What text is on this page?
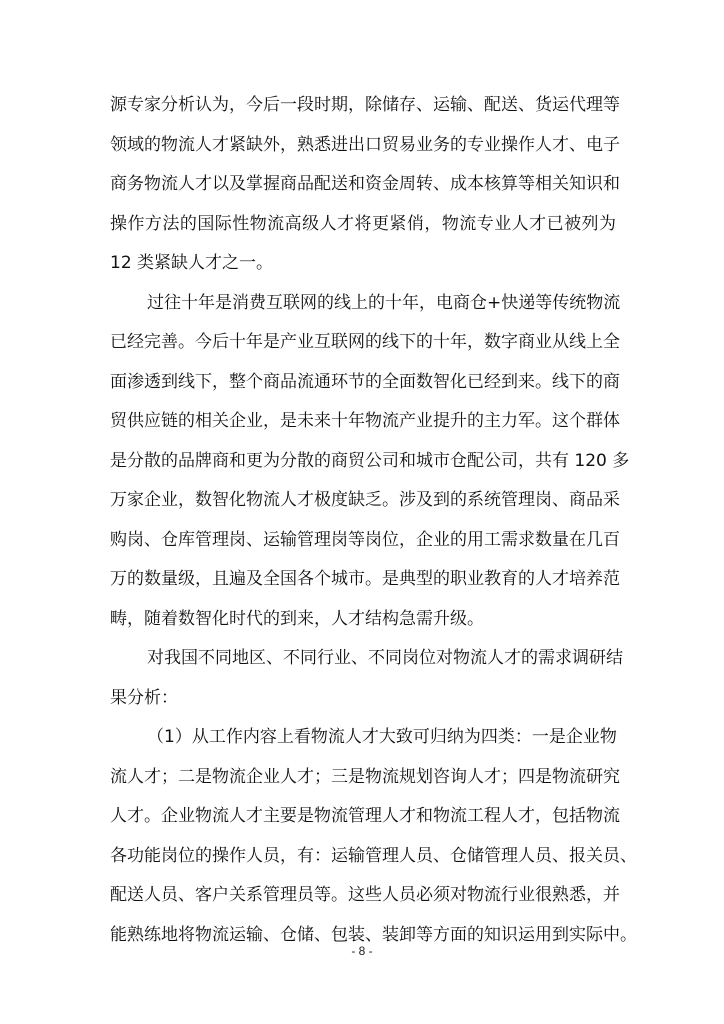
源专家分析认为，今后一段时期，除储存、运输、配送、货运代理等
领域的物流人才紧缺外，熟悉进出口贸易业务的专业操作人才、电子
商务物流人才以及掌握商品配送和资金周转、成本核算等相关知识和
操作方法的国际性物流高级人才将更紧俏，物流专业人才已被列为
12 类紧缺人才之一。
过往十年是消费互联网的线上的十年，电商仓+快递等传统物流
已经完善。今后十年是产业互联网的线下的十年，数字商业从线上全
面渗透到线下，整个商品流通环节的全面数智化已经到来。线下的商
贸供应链的相关企业，是未来十年物流产业提升的主力军。这个群体
是分散的品牌商和更为分散的商贸公司和城市仓配公司，共有 120 多
万家企业，数智化物流人才极度缺乏。涉及到的系统管理岗、商品采
购岗、仓库管理岗、运输管理岗等岗位，企业的用工需求数量在几百
万的数量级，且遍及全国各个城市。是典型的职业教育的人才培养范
畴，随着数智化时代的到来，人才结构急需升级。
对我国不同地区、不同行业、不同岗位对物流人才的需求调研结
果分析：
（1）从工作内容上看物流人才大致可归纳为四类：一是企业物
流人才；二是物流企业人才；三是物流规划咨询人才；四是物流研究
人才。企业物流人才主要是物流管理人才和物流工程人才，包括物流
各功能岗位的操作人员，有：运输管理人员、仓储管理人员、报关员、
配送人员、客户关系管理员等。这些人员必须对物流行业很熟悉，并
能熟练地将物流运输、仓储、包装、装卸等方面的知识运用到实际中。
- 8 -
